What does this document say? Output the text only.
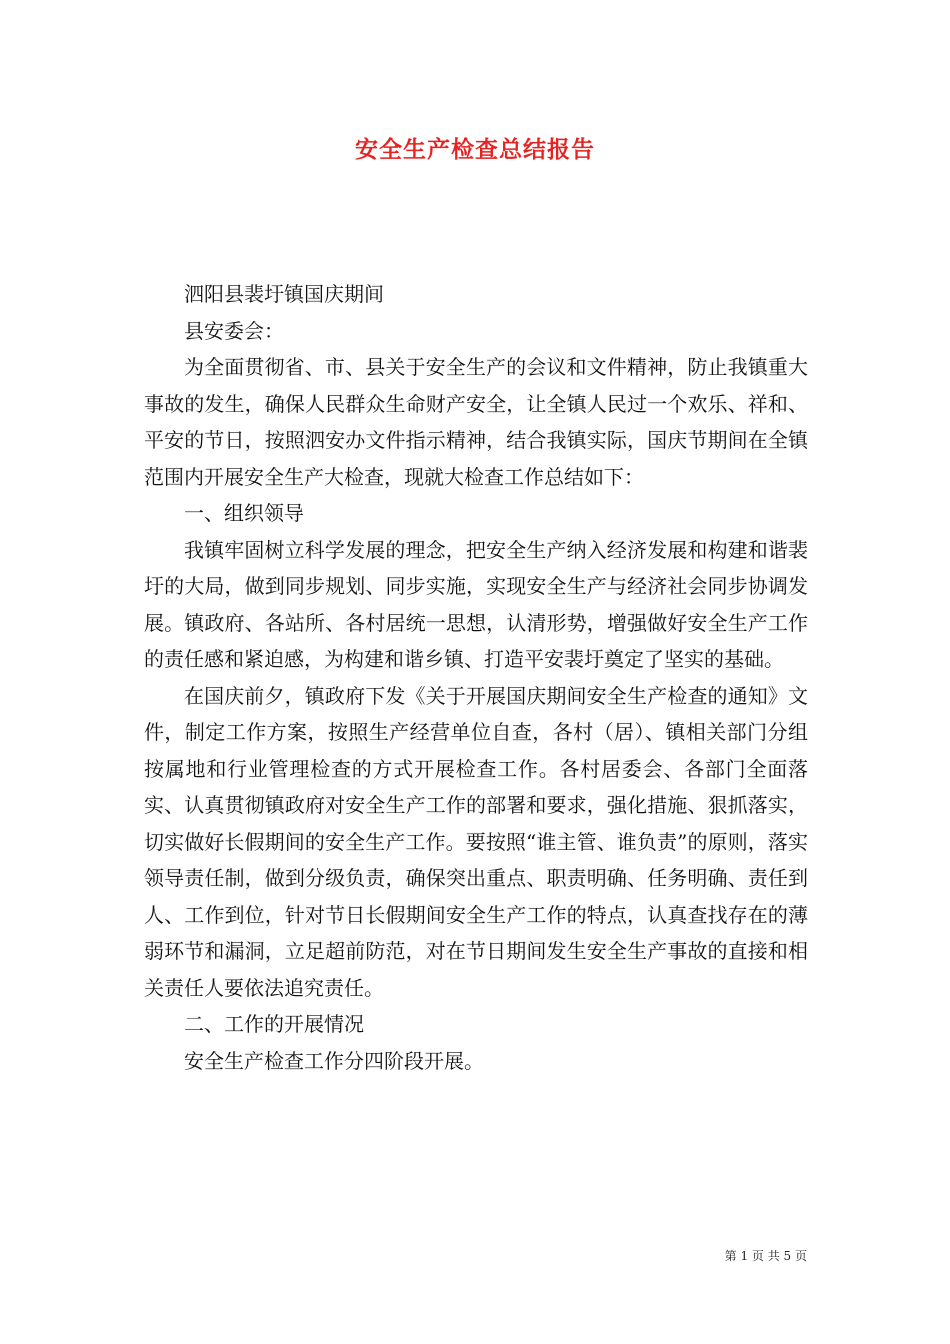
安全生产检查总结报告

泗阳县裴圩镇国庆期间

县安委会：

为全面贯彻省、市、县关于安全生产的会议和文件精神，防止我镇重大事故的发生，确保人民群众生命财产安全，让全镇人民过一个欢乐、祥和、平安的节日，按照泗安办文件指示精神，结合我镇实际，国庆节期间在全镇范围内开展安全生产大检查，现就大检查工作总结如下：

一、组织领导

我镇牢固树立科学发展的理念，把安全生产纳入经济发展和构建和谐裴圩的大局，做到同步规划、同步实施，实现安全生产与经济社会同步协调发展。镇政府、各站所、各村居统一思想，认清形势，增强做好安全生产工作的责任感和紧迫感，为构建和谐乡镇、打造平安裴圩奠定了坚实的基础。

在国庆前夕，镇政府下发《关于开展国庆期间安全生产检查的通知》文件，制定工作方案，按照生产经营单位自查，各村（居）、镇相关部门分组按属地和行业管理检查的方式开展检查工作。各村居委会、各部门全面落实、认真贯彻镇政府对安全生产工作的部署和要求，强化措施、狠抓落实，切实做好长假期间的安全生产工作。要按照“谁主管、谁负责”的原则，落实领导责任制，做到分级负责，确保突出重点、职责明确、任务明确、责任到人、工作到位，针对节日长假期间安全生产工作的特点，认真查找存在的薄弱环节和漏洞，立足超前防范，对在节日期间发生安全生产事故的直接和相关责任人要依法追究责任。

二、工作的开展情况

安全生产检查工作分四阶段开展。

第 1 页 共 5 页
